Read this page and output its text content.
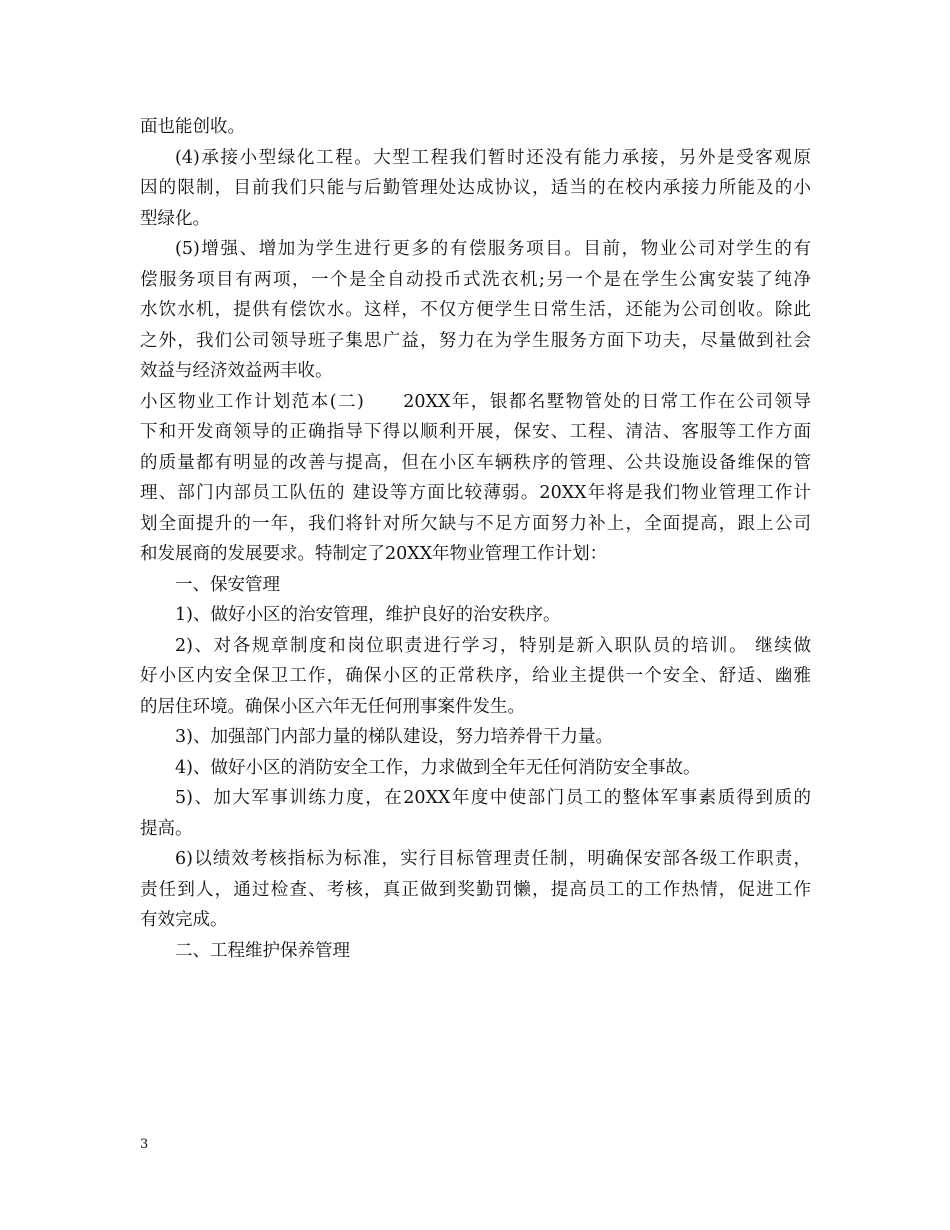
面也能创收。
(4)承接小型绿化工程。大型工程我们暂时还没有能力承接，另外是受客观原
因的限制，目前我们只能与后勤管理处达成协议，适当的在校内承接力所能及的小
型绿化。
(5)增强、增加为学生进行更多的有偿服务项目。目前，物业公司对学生的有
偿服务项目有两项，一个是全自动投币式洗衣机;另一个是在学生公寓安装了纯净
水饮水机，提供有偿饮水。这样，不仅方便学生日常生活，还能为公司创收。除此
之外，我们公司领导班子集思广益，努力在为学生服务方面下功夫，尽量做到社会
效益与经济效益两丰收。
小区物业工作计划范本(二)　　20XX年，银都名墅物管处的日常工作在公司领导
下和开发商领导的正确指导下得以顺利开展，保安、工程、清洁、客服等工作方面
的质量都有明显的改善与提高，但在小区车辆秩序的管理、公共设施设备维保的管
理、部门内部员工队伍的 建设等方面比较薄弱。20XX年将是我们物业管理工作计
划全面提升的一年，我们将针对所欠缺与不足方面努力补上，全面提高，跟上公司
和发展商的发展要求。特制定了20XX年物业管理工作计划：
一、保安管理
1)、做好小区的治安管理，维护良好的治安秩序。
2)、对各规章制度和岗位职责进行学习，特别是新入职队员的培训。 继续做
好小区内安全保卫工作，确保小区的正常秩序，给业主提供一个安全、舒适、幽雅
的居住环境。确保小区六年无任何刑事案件发生。
3)、加强部门内部力量的梯队建设，努力培养骨干力量。
4)、做好小区的消防安全工作，力求做到全年无任何消防安全事故。
5)、加大军事训练力度，在20XX年度中使部门员工的整体军事素质得到质的
提高。
6)以绩效考核指标为标准，实行目标管理责任制，明确保安部各级工作职责，
责任到人，通过检查、考核，真正做到奖勤罚懒，提高员工的工作热情，促进工作
有效完成。
二、工程维护保养管理
3
